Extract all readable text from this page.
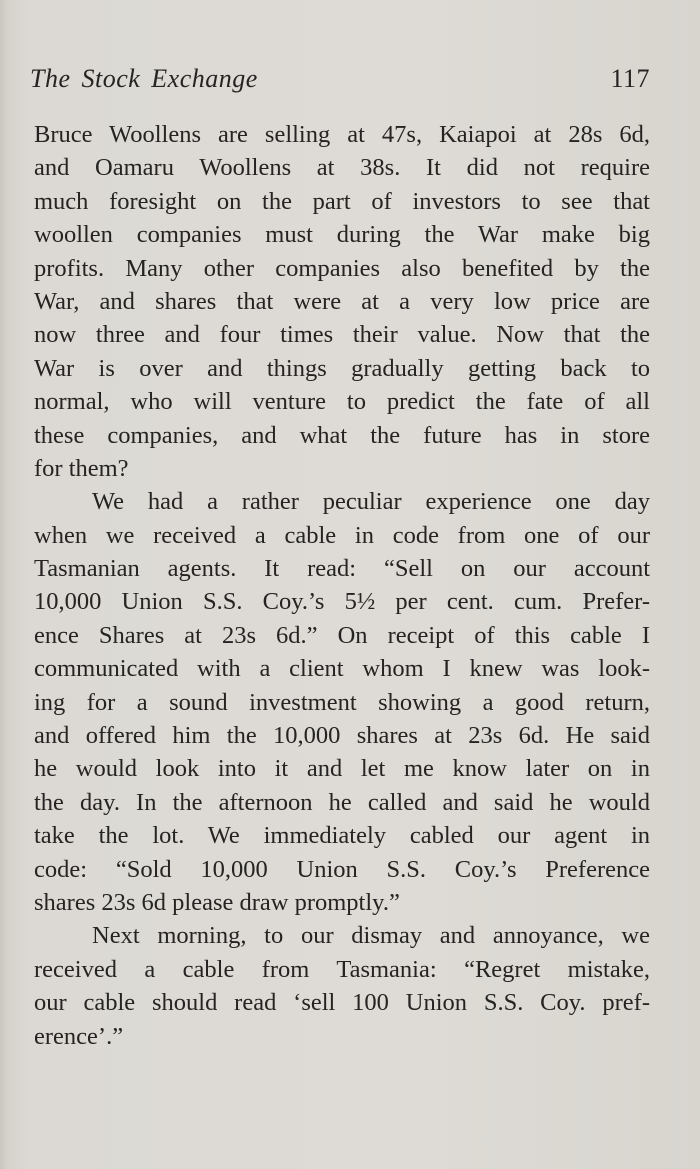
The Stock Exchange	117
Bruce Woollens are selling at 47s, Kaiapoi at 28s 6d,
and Oamaru Woollens at 38s. It did not require
much foresight on the part of investors to see that
woollen companies must during the War make big
profits. Many other companies also benefited by the
War, and shares that were at a very low price are
now three and four times their value. Now that the
War is over and things gradually getting back to
normal, who will venture to predict the fate of all
these companies, and what the future has in store
for them?
We had a rather peculiar experience one day
when we received a cable in code from one of our
Tasmanian agents. It read: “Sell on our account
10,000 Union S.S. Coy.’s 5½ per cent. cum. Prefer-
ence Shares at 23s 6d.” On receipt of this cable I
communicated with a client whom I knew was look-
ing for a sound investment showing a good return,
and offered him the 10,000 shares at 23s 6d. He said
he would look into it and let me know later on in
the day. In the afternoon he called and said he would
take the lot. We immediately cabled our agent in
code: “Sold 10,000 Union S.S. Coy.’s Preference
shares 23s 6d please draw promptly.”
Next morning, to our dismay and annoyance, we
received a cable from Tasmania: “Regret mistake,
our cable should read ‘sell 100 Union S.S. Coy. pref-
erence’.”
